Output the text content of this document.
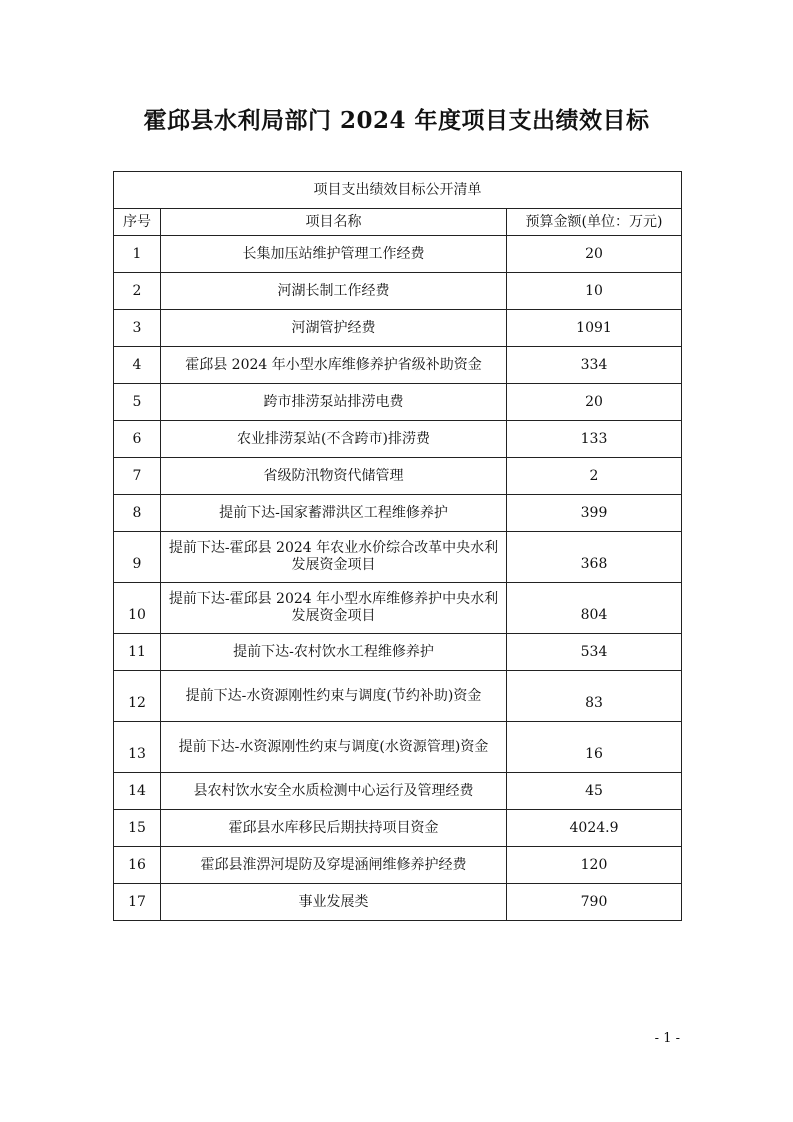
霍邱县水利局部门 2024 年度项目支出绩效目标
项目支出绩效目标公开清单		
序号	项目名称	预算金额(单位：万元)
1	长集加压站维护管理工作经费	20
2	河湖长制工作经费	10
3	河湖管护经费	1091
4	霍邱县 2024 年小型水库维修养护省级补助资金	334
5	跨市排涝泵站排涝电费	20
6	农业排涝泵站(不含跨市)排涝费	133
7	省级防汛物资代储管理	2
8	提前下达-国家蓄滞洪区工程维修养护	399
9	提前下达-霍邱县 2024 年农业水价综合改革中央水利发展资金项目	368
10	提前下达-霍邱县 2024 年小型水库维修养护中央水利发展资金项目	804
11	提前下达-农村饮水工程维修养护	534
12	提前下达-水资源刚性约束与调度(节约补助)资金	83
13	提前下达-水资源刚性约束与调度(水资源管理)资金	16
14	县农村饮水安全水质检测中心运行及管理经费	45
15	霍邱县水库移民后期扶持项目资金	4024.9
16	霍邱县淮淠河堤防及穿堤涵闸维修养护经费	120
17	事业发展类	790
- 1 -
